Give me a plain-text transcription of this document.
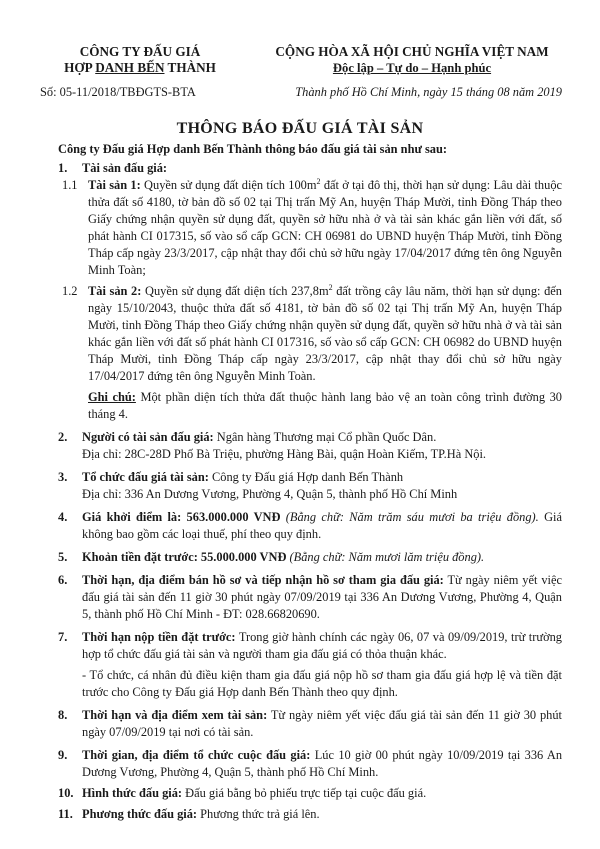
CÔNG TY ĐẤU GIÁ
HỢP DANH BẾN THÀNH
CỘNG HÒA XÃ HỘI CHỦ NGHĨA VIỆT NAM
Độc lập – Tự do – Hạnh phúc
Số: 05-11/2018/TBĐGTS-BTA	Thành phố Hồ Chí Minh, ngày 15 tháng 08 năm 2019
THÔNG BÁO ĐẤU GIÁ TÀI SẢN
Công ty Đấu giá Hợp danh Bến Thành thông báo đấu giá tài sản như sau:
1. Tài sản đấu giá:
1.1 Tài sản 1: Quyền sử dụng đất diện tích $100m^2$ đất ở tại đô thị, thời hạn sử dụng: Lâu dài thuộc thửa đất số 4180, tờ bản đồ số 02 tại Thị trấn Mỹ An, huyện Tháp Mười, tỉnh Đồng Tháp theo Giấy chứng nhận quyền sử dụng đất, quyền sở hữu nhà ở và tài sản khác gắn liền với đất, số phát hành CI 017315, số vào sổ cấp GCN: CH 06981 do UBND huyện Tháp Mười, tỉnh Đồng Tháp cấp ngày 23/3/2017, cập nhật thay đổi chủ sở hữu ngày 17/04/2017 đứng tên ông Nguyễn Minh Toàn;
1.2 Tài sản 2: Quyền sử dụng đất diện tích $237,8m^2$ đất trồng cây lâu năm, thời hạn sử dụng: đến ngày 15/10/2043, thuộc thửa đất số 4181, tờ bản đồ số 02 tại Thị trấn Mỹ An, huyện Tháp Mười, tỉnh Đồng Tháp theo Giấy chứng nhận quyền sử dụng đất, quyền sở hữu nhà ở và tài sản khác gắn liền với đất số phát hành CI 017316, số vào sổ cấp GCN: CH 06982 do UBND huyện Tháp Mười, tỉnh Đồng Tháp cấp ngày 23/3/2017, cập nhật thay đổi chủ sở hữu ngày 17/04/2017 đứng tên ông Nguyễn Minh Toàn.
Ghi chú: Một phần diện tích thửa đất thuộc hành lang bảo vệ an toàn công trình đường 30 tháng 4.
2. Người có tài sản đấu giá: Ngân hàng Thương mại Cổ phần Quốc Dân.
Địa chỉ: 28C-28D Phố Bà Triệu, phường Hàng Bài, quận Hoàn Kiếm, TP.Hà Nội.
3. Tổ chức đấu giá tài sản: Công ty Đấu giá Hợp danh Bến Thành
Địa chỉ: 336 An Dương Vương, Phường 4, Quận 5, thành phố Hồ Chí Minh
4. Giá khởi điểm là: 563.000.000 VNĐ (Bằng chữ: Năm trăm sáu mươi ba triệu đồng). Giá không bao gồm các loại thuế, phí theo quy định.
5. Khoản tiền đặt trước: 55.000.000 VNĐ (Bằng chữ: Năm mươi lăm triệu đồng).
6. Thời hạn, địa điểm bán hồ sơ và tiếp nhận hồ sơ tham gia đấu giá: Từ ngày niêm yết việc đấu giá tài sản đến 11 giờ 30 phút ngày 07/09/2019 tại 336 An Dương Vương, Phường 4, Quận 5, thành phố Hồ Chí Minh - ĐT: 028.66820690.
7. Thời hạn nộp tiền đặt trước: Trong giờ hành chính các ngày 06, 07 và 09/09/2019, trừ trường hợp tổ chức đấu giá tài sản và người tham gia đấu giá có thỏa thuận khác.
- Tổ chức, cá nhân đủ điều kiện tham gia đấu giá nộp hồ sơ tham gia đấu giá hợp lệ và tiền đặt trước cho Công ty Đấu giá Hợp danh Bến Thành theo quy định.
8. Thời hạn và địa điểm xem tài sản: Từ ngày niêm yết việc đấu giá tài sản đến 11 giờ 30 phút ngày 07/09/2019 tại nơi có tài sản.
9. Thời gian, địa điểm tổ chức cuộc đấu giá: Lúc 10 giờ 00 phút ngày 10/09/2019 tại 336 An Dương Vương, Phường 4, Quận 5, thành phố Hồ Chí Minh.
10. Hình thức đấu giá: Đấu giá bằng bỏ phiếu trực tiếp tại cuộc đấu giá.
11. Phương thức đấu giá: Phương thức trả giá lên.
